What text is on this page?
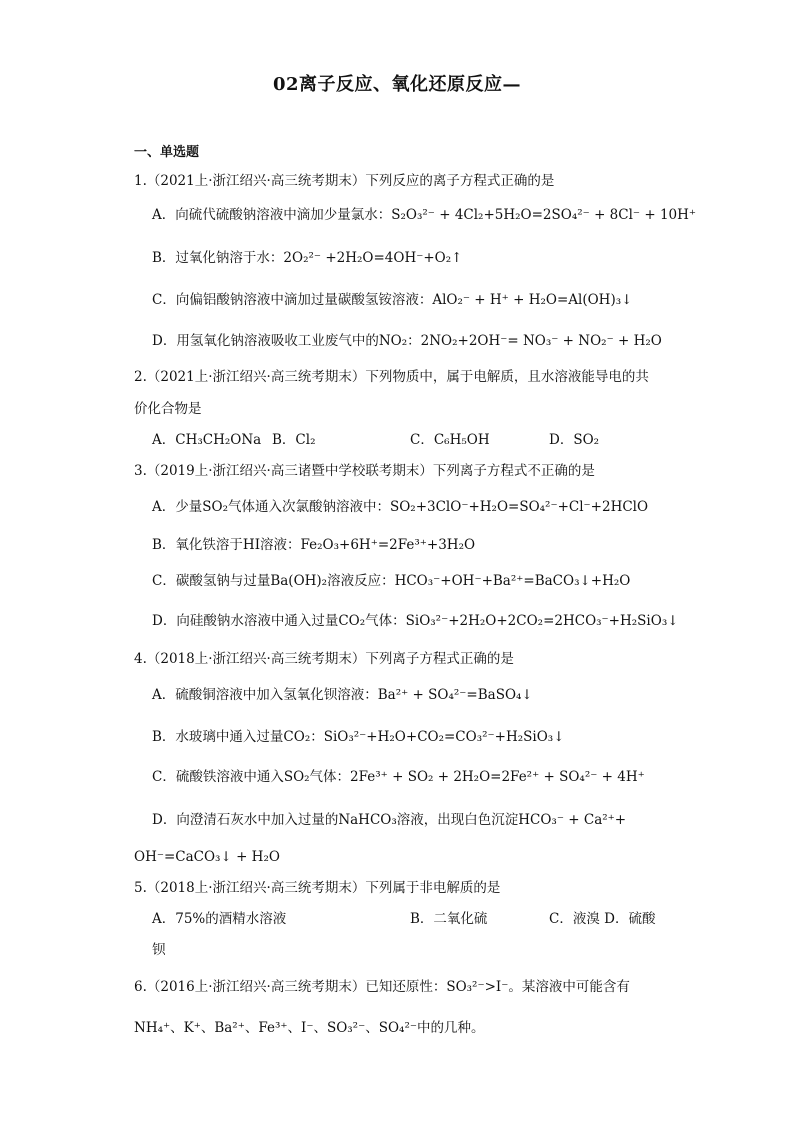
02离子反应、氧化还原反应—
一、单选题
1.（2021上·浙江绍兴·高三统考期末）下列反应的离子方程式正确的是
A．向硫代硫酸钠溶液中滴加少量氯水：S₂O₃²⁻ + 4Cl₂+5H₂O=2SO₄²⁻ + 8Cl⁻ + 10H⁺
B．过氧化钠溶于水：2O₂²⁻ +2H₂O=4OH⁻+O₂↑
C．向偏铝酸钠溶液中滴加过量碳酸氢铵溶液：AlO₂⁻ + H⁺ + H₂O=Al(OH)₃↓
D．用氢氧化钠溶液吸收工业废气中的NO₂：2NO₂+2OH⁻= NO₃⁻ + NO₂⁻ + H₂O
2.（2021上·浙江绍兴·高三统考期末）下列物质中，属于电解质，且水溶液能导电的共
价化合物是
A．CH₃CH₂ONa B．Cl₂	C．C₆H₅OH	D．SO₂
3.（2019上·浙江绍兴·高三诸暨中学校联考期末）下列离子方程式不正确的是
A．少量SO₂气体通入次氯酸钠溶液中：SO₂+3ClO⁻+H₂O=SO₄²⁻+Cl⁻+2HClO
B．氧化铁溶于HI溶液：Fe₂O₃+6H⁺=2Fe³⁺+3H₂O
C．碳酸氢钠与过量Ba(OH)₂溶液反应：HCO₃⁻+OH⁻+Ba²⁺=BaCO₃↓+H₂O
D．向硅酸钠水溶液中通入过量CO₂气体：SiO₃²⁻+2H₂O+2CO₂=2HCO₃⁻+H₂SiO₃↓
4.（2018上·浙江绍兴·高三统考期末）下列离子方程式正确的是
A．硫酸铜溶液中加入氢氧化钡溶液：Ba²⁺ + SO₄²⁻=BaSO₄↓
B．水玻璃中通入过量CO₂：SiO₃²⁻+H₂O+CO₂=CO₃²⁻+H₂SiO₃↓
C．硫酸铁溶液中通入SO₂气体：2Fe³⁺ + SO₂ + 2H₂O=2Fe²⁺ + SO₄²⁻ + 4H⁺
D．向澄清石灰水中加入过量的NaHCO₃溶液，出现白色沉淀HCO₃⁻ + Ca²⁺+
OH⁻=CaCO₃↓ + H₂O
5.（2018上·浙江绍兴·高三统考期末）下列属于非电解质的是
A．75%的酒精水溶液	B．二氧化硫	C．液溴 D．硫酸
钡
6.（2016上·浙江绍兴·高三统考期末）已知还原性：SO₃²⁻>I⁻。某溶液中可能含有
NH₄⁺、K⁺、Ba²⁺、Fe³⁺、I⁻、SO₃²⁻、SO₄²⁻中的几种。
